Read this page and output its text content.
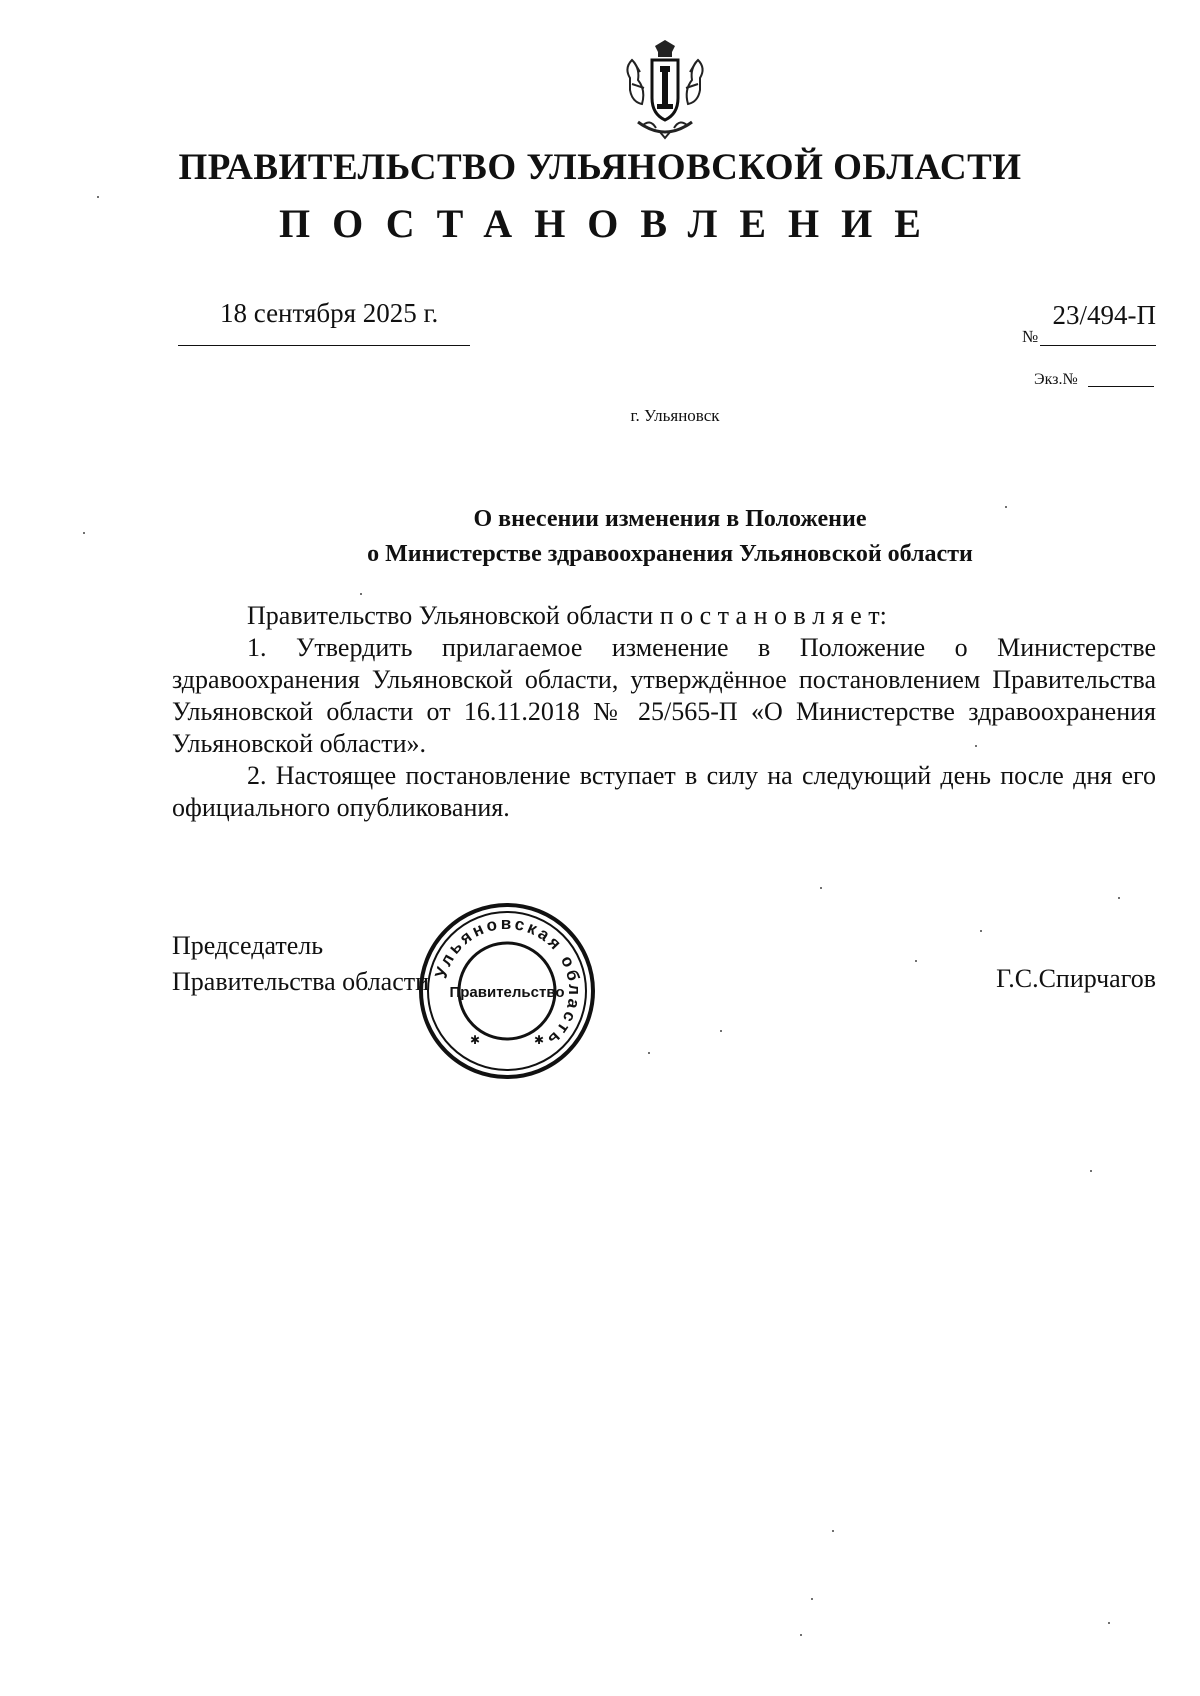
ПРАВИТЕЛЬСТВО УЛЬЯНОВСКОЙ ОБЛАСТИ
ПОСТАНОВЛЕНИЕ
18 сентября 2025 г.
№
23/494-П
Экз.№
г. Ульяновск
О внесении изменения в Положение
о Министерстве здравоохранения Ульяновской области

Правительство Ульяновской области п о с т а н о в л я е т:

1. Утвердить прилагаемое изменение в Положение о Министерстве здравоохранения Ульяновской области, утверждённое постановлением Правительства Ульяновской области от 16.11.2018 № 25/565-П «О Министерстве здравоохранения Ульяновской области».

2. Настоящее постановление вступает в силу на следующий день после дня его официального опубликования.

Председатель
Правительства области	Г.С.Спирчагов
Ульяновская область
Правительство
✱	✱
